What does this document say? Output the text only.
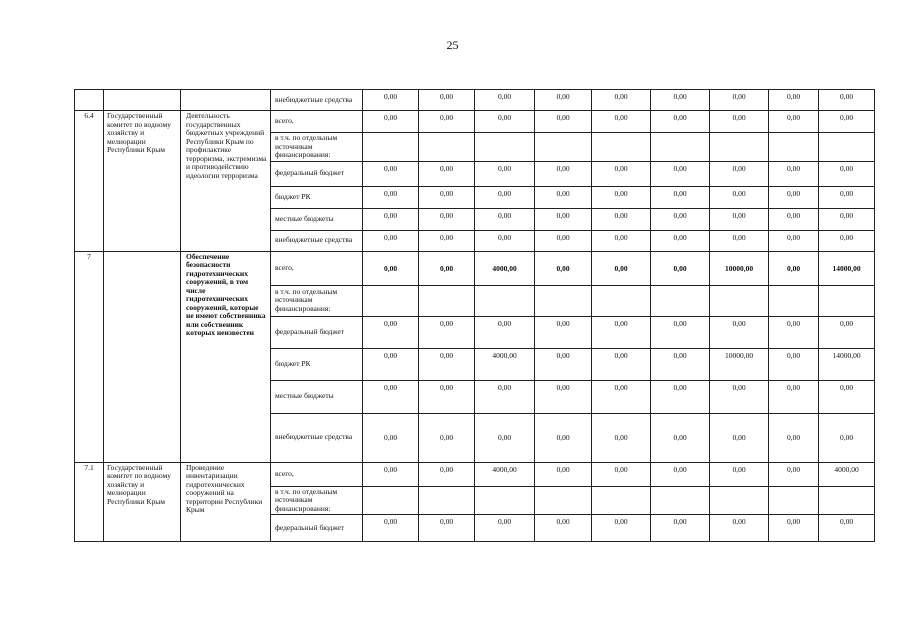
25
			внебюджетные средства	0,00	0,00	0,00	0,00	0,00	0,00	0,00	0,00	0,00
6.4	Государственный комитет по водному хозяйству и мелиорации Республики Крым	Деятельность государственных бюджетных учреждений Республики Крым по профилактике терроризма, экстремизма и противодействию идеологии терроризма	всего,	0,00	0,00	0,00	0,00	0,00	0,00	0,00	0,00	0,00
			в т.ч. по отдельным источникам финансирования:									
			федеральный бюджет	0,00	0,00	0,00	0,00	0,00	0,00	0,00	0,00	0,00
			бюджет РК	0,00	0,00	0,00	0,00	0,00	0,00	0,00	0,00	0,00
			местные бюджеты	0,00	0,00	0,00	0,00	0,00	0,00	0,00	0,00	0,00
			внебюджетные средства	0,00	0,00	0,00	0,00	0,00	0,00	0,00	0,00	0,00
7		Обеспечение безопасности гидротехнических сооружений, в том числе гидротехнических сооружений, которые не имеют собственника или собственник которых неизвестен	всего,	0,00	0,00	4000,00	0,00	0,00	0,00	10000,00	0,00	14000,00
			в т.ч. по отдельным источникам финансирования:									
			федеральный бюджет	0,00	0,00	0,00	0,00	0,00	0,00	0,00	0,00	0,00
			бюджет РК	0,00	0,00	4000,00	0,00	0,00	0,00	10000,00	0,00	14000,00
			местные бюджеты	0,00	0,00	0,00	0,00	0,00	0,00	0,00	0,00	0,00
			внебюджетные средства	0,00	0,00	0,00	0,00	0,00	0,00	0,00	0,00	0,00
7.1	Государственный комитет по водному хозяйству и мелиорации Республики Крым	Проведение инвентаризации гидротехнических сооружений на территории Республики Крым	всего,	0,00	0,00	4000,00	0,00	0,00	0,00	0,00	0,00	4000,00
			в т.ч. по отдельным источникам финансирования:									
			федеральный бюджет	0,00	0,00	0,00	0,00	0,00	0,00	0,00	0,00	0,00
